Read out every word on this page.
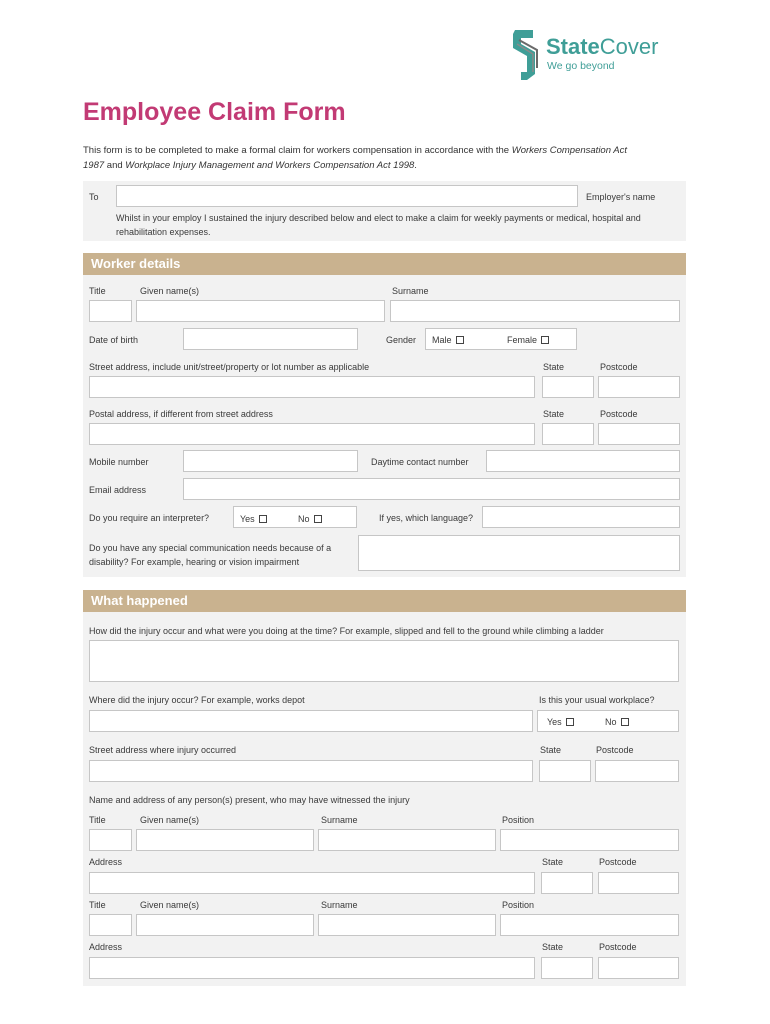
StateCover
We go beyond
Employee Claim Form
This form is to be completed to make a formal claim for workers compensation in accordance with the Workers Compensation Act 1987 and Workplace Injury Management and Workers Compensation Act 1998.
To	Employer's name
Whilst in your employ I sustained the injury described below and elect to make a claim for weekly payments or medical, hospital and rehabilitation expenses.
Worker details
Title	Given name(s)	Surname
Date of birth	Gender Male	Female
Street address, include unit/street/property or lot number as applicable	State	Postcode
Postal address, if different from street address	State	Postcode
Mobile number	Daytime contact number
Email address
Do you require an interpreter?	Yes	No	If yes, which language?
Do you have any special communication needs because of a disability? For example, hearing or vision impairment
What happened
How did the injury occur and what were you doing at the time? For example, slipped and fell to the ground while climbing a ladder
Where did the injury occur? For example, works depot	Is this your usual workplace?
Yes	No
Street address where injury occurred	State	Postcode
Name and address of any person(s) present, who may have witnessed the injury
Title	Given name(s)	Surname	Position
Address	State	Postcode
Title	Given name(s)	Surname	Position
Address	State	Postcode
